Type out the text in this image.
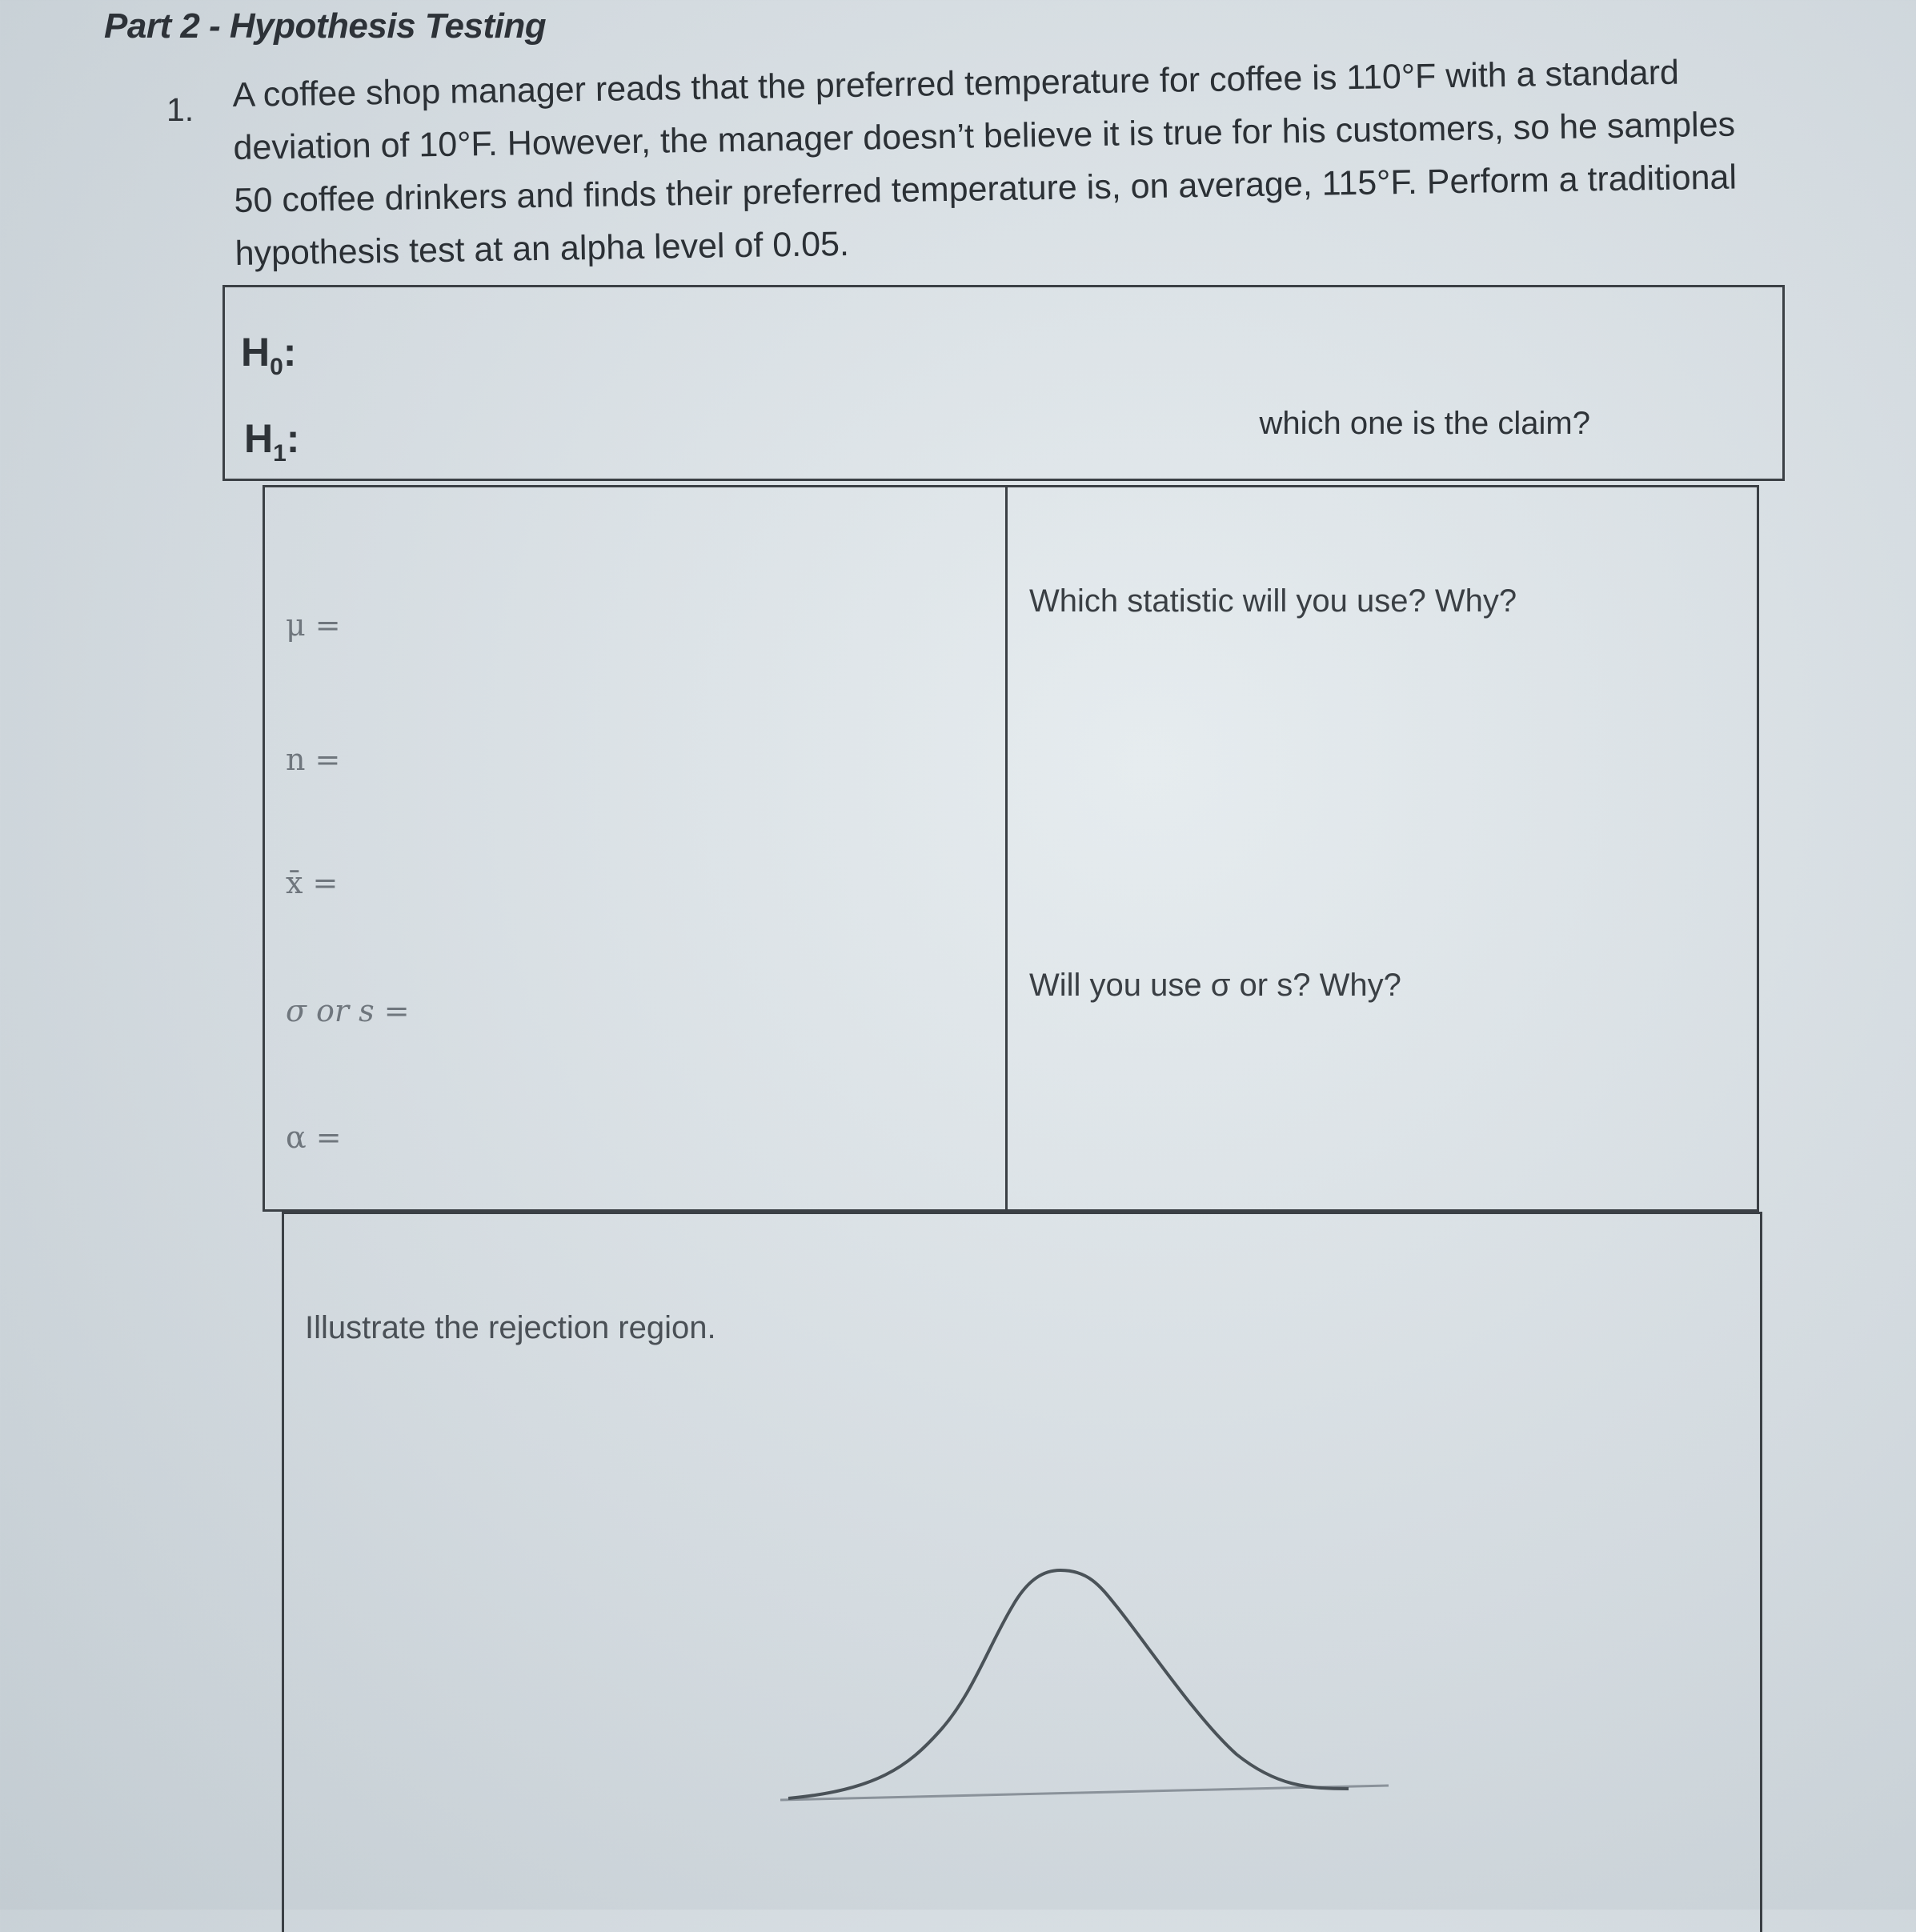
Part 2 - Hypothesis Testing
1. A coffee shop manager reads that the preferred temperature for coffee is 110°F with a standard deviation of 10°F. However, the manager doesn’t believe it is true for his customers, so he samples 50 coffee drinkers and finds their preferred temperature is, on average, 115°F. Perform a traditional hypothesis test at an alpha level of 0.05.
$H_0$:
$H_1$:	which one is the claim?
μ =
n =
x̄ =
σ or s =
α =
Which statistic will you use? Why?
Will you use σ or s? Why?
Illustrate the rejection region.
